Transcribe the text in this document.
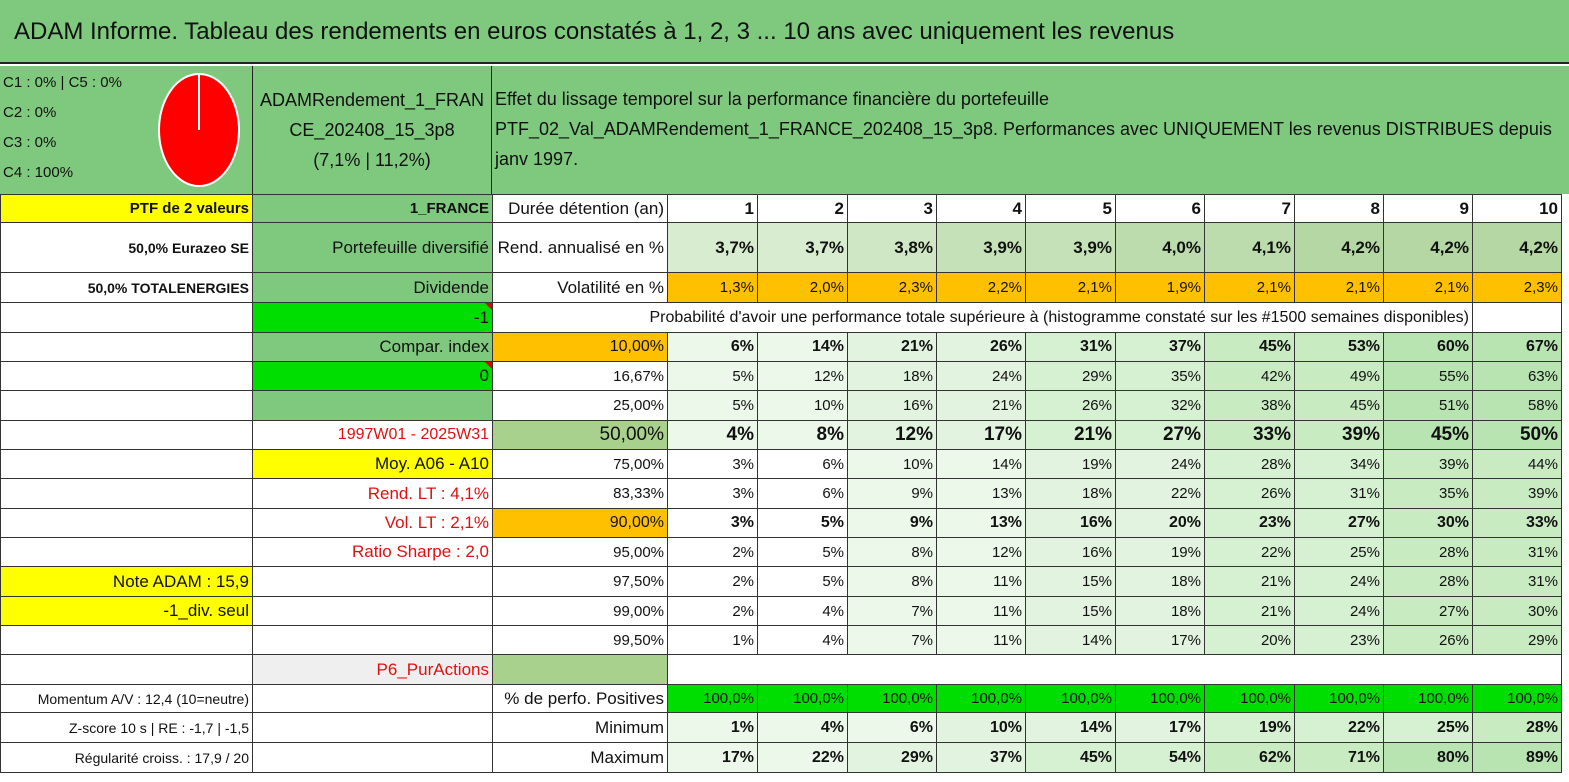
ADAM Informe. Tableau des rendements en euros constatés à 1, 2, 3 ... 10 ans avec uniquement les revenus
C1 : 0% | C5 : 0%
C2 : 0%
C3 : 0%
C4 : 100%
ADAMRendement_1_FRAN
CE_202408_15_3p8
(7,1% | 11,2%)
Effet du lissage temporel sur la performance financière du portefeuille
PTF_02_Val_ADAMRendement_1_FRANCE_202408_15_3p8. Performances avec UNIQUEMENT les revenus DISTRIBUES depuis
janv 1997.
PTF de 2 valeurs	1_FRANCE	Durée détention (an)	1	2	3	4	5	6	7	8	9	10
50,0% Eurazeo SE	Portefeuille diversifié	Rend. annualisé en %	3,7%	3,7%	3,8%	3,9%	3,9%	4,0%	4,1%	4,2%	4,2%	4,2%
50,0% TOTALENERGIES	Dividende	Volatilité en %	1,3%	2,0%	2,3%	2,2%	2,1%	1,9%	2,1%	2,1%	2,1%	2,3%
	-1	Probabilité d'avoir une performance totale supérieure à (histogramme constaté sur les #1500 semaines disponibles)										
	Compar. index	10,00%	6%	14%	21%	26%	31%	37%	45%	53%	60%	67%
	0	16,67%	5%	12%	18%	24%	29%	35%	42%	49%	55%	63%
		25,00%	5%	10%	16%	21%	26%	32%	38%	45%	51%	58%
	1997W01 - 2025W31	50,00%	4%	8%	12%	17%	21%	27%	33%	39%	45%	50%
	Moy. A06 - A10	75,00%	3%	6%	10%	14%	19%	24%	28%	34%	39%	44%
	Rend. LT : 4,1%	83,33%	3%	6%	9%	13%	18%	22%	26%	31%	35%	39%
	Vol. LT : 2,1%	90,00%	3%	5%	9%	13%	16%	20%	23%	27%	30%	33%
	Ratio Sharpe : 2,0	95,00%	2%	5%	8%	12%	16%	19%	22%	25%	28%	31%
Note ADAM : 15,9		97,50%	2%	5%	8%	11%	15%	18%	21%	24%	28%	31%
-1_div. seul		99,00%	2%	4%	7%	11%	15%	18%	21%	24%	27%	30%
		99,50%	1%	4%	7%	11%	14%	17%	20%	23%	26%	29%
	P6_PurActions											
Momentum A/V : 12,4 (10=neutre)		% de perfo. Positives	100,0%	100,0%	100,0%	100,0%	100,0%	100,0%	100,0%	100,0%	100,0%	100,0%
Z-score 10 s | RE : -1,7 | -1,5		Minimum	1%	4%	6%	10%	14%	17%	19%	22%	25%	28%
Régularité croiss. : 17,9 / 20		Maximum	17%	22%	29%	37%	45%	54%	62%	71%	80%	89%
